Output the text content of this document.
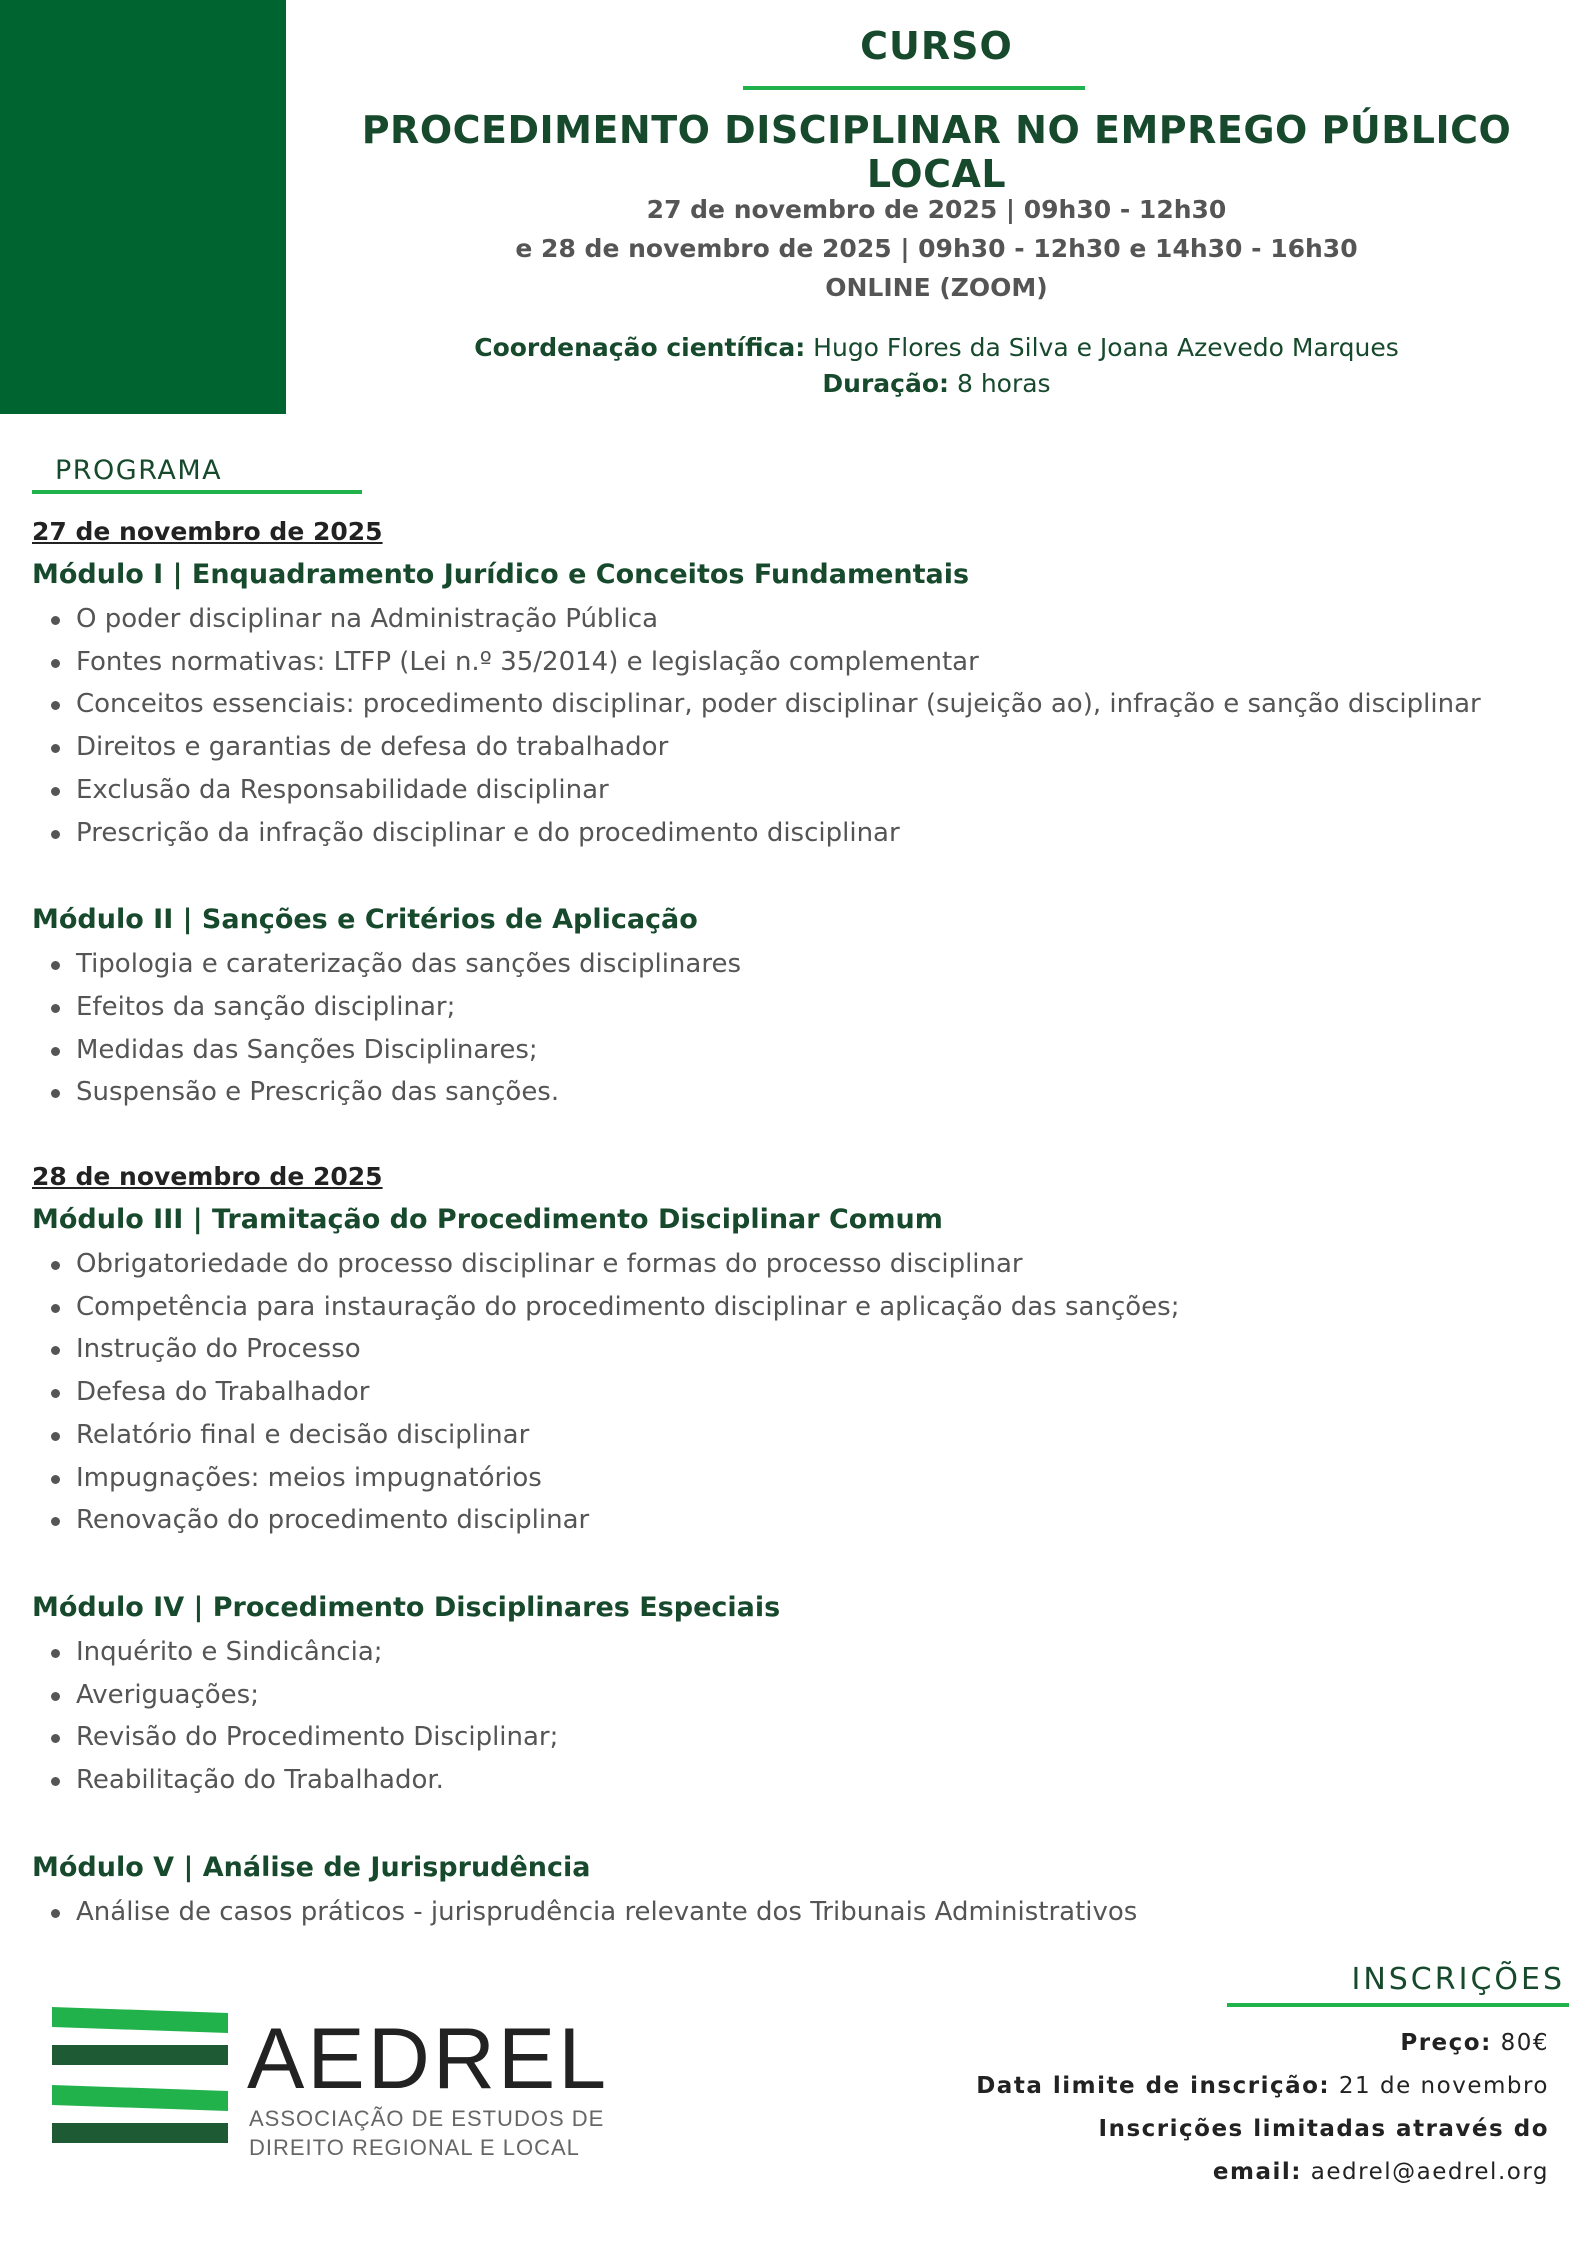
CURSO
PROCEDIMENTO DISCIPLINAR NO EMPREGO PÚBLICO LOCAL
27 de novembro de 2025 | 09h30 - 12h30
e 28 de novembro de 2025 | 09h30 - 12h30 e 14h30 - 16h30
ONLINE (ZOOM)
Coordenação científica: Hugo Flores da Silva e Joana Azevedo Marques
Duração: 8 horas
PROGRAMA
27 de novembro de 2025
Módulo I | Enquadramento Jurídico e Conceitos Fundamentais
O poder disciplinar na Administração Pública
Fontes normativas: LTFP (Lei n.º 35/2014) e legislação complementar
Conceitos essenciais: procedimento disciplinar, poder disciplinar (sujeição ao), infração e sanção disciplinar
Direitos e garantias de defesa do trabalhador
Exclusão da Responsabilidade disciplinar
Prescrição da infração disciplinar e do procedimento disciplinar
Módulo II | Sanções e Critérios de Aplicação
Tipologia e caraterização das sanções disciplinares
Efeitos da sanção disciplinar;
Medidas das Sanções Disciplinares;
Suspensão e Prescrição das sanções.
28 de novembro de 2025
Módulo III | Tramitação do Procedimento Disciplinar Comum
Obrigatoriedade do processo disciplinar e formas do processo disciplinar
Competência para instauração do procedimento disciplinar e aplicação das sanções;
Instrução do Processo
Defesa do Trabalhador
Relatório final e decisão disciplinar
Impugnações: meios impugnatórios
Renovação do procedimento disciplinar
Módulo IV | Procedimento Disciplinares Especiais
Inquérito e Sindicância;
Averiguações;
Revisão do Procedimento Disciplinar;
Reabilitação do Trabalhador.
Módulo V | Análise de Jurisprudência
Análise de casos práticos - jurisprudência relevante dos Tribunais Administrativos
INSCRIÇÕES
Preço: 80€
Data limite de inscrição: 21 de novembro
Inscrições limitadas através do
email: aedrel@aedrel.org
AEDREL
ASSOCIAÇÃO DE ESTUDOS DE
DIREITO REGIONAL E LOCAL
